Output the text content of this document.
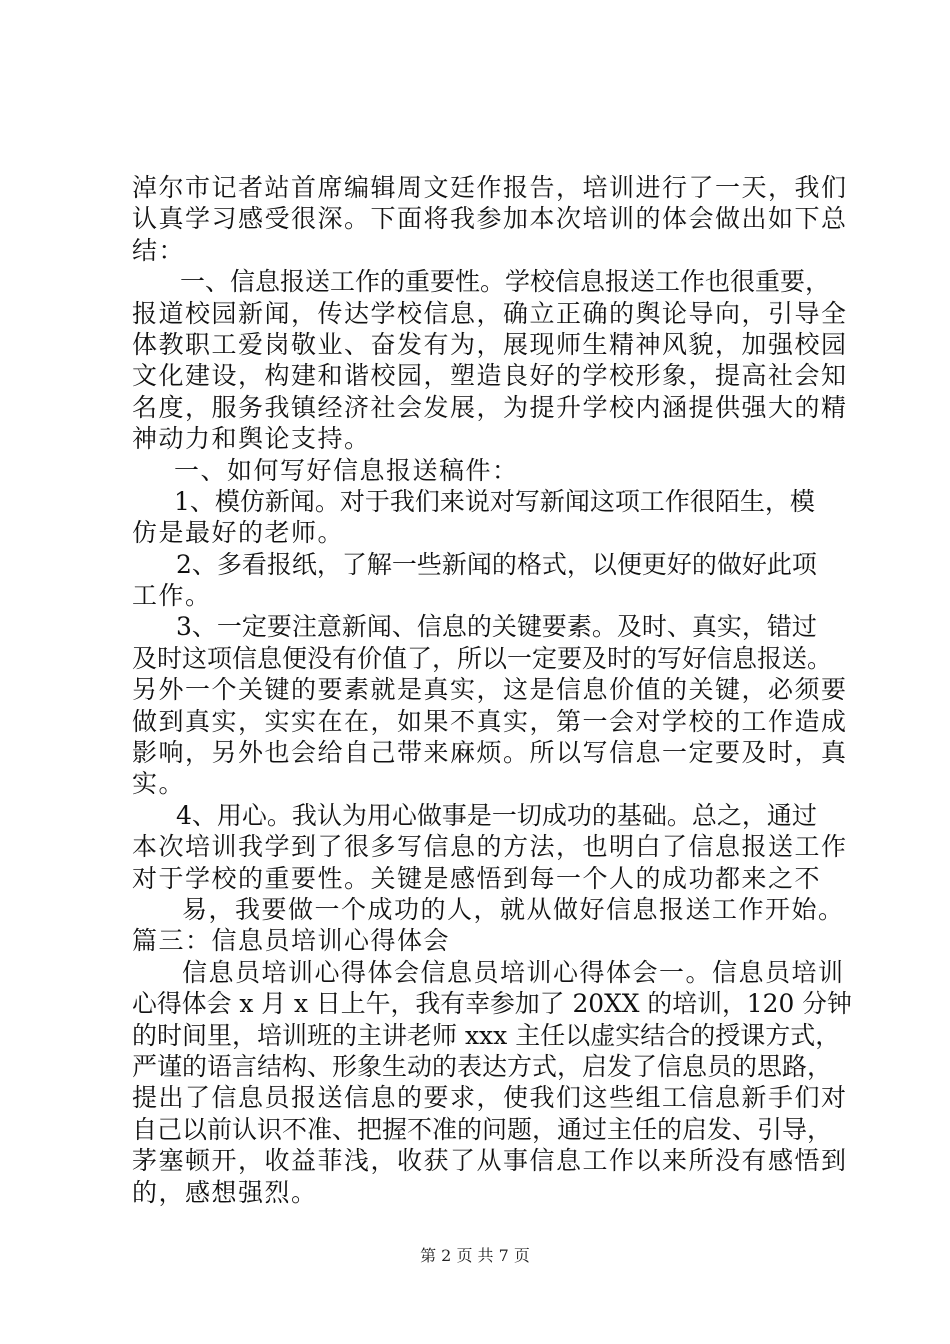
淖尔市记者站首席编辑周文廷作报告，培训进行了一天，我们
认真学习感受很深。下面将我参加本次培训的体会做出如下总
结：
一、信息报送工作的重要性。学校信息报送工作也很重要，
报道校园新闻，传达学校信息，确立正确的舆论导向，引导全
体教职工爱岗敬业、奋发有为，展现师生精神风貌，加强校园
文化建设，构建和谐校园，塑造良好的学校形象，提高社会知
名度，服务我镇经济社会发展，为提升学校内涵提供强大的精
神动力和舆论支持。
一、如何写好信息报送稿件：
1、模仿新闻。对于我们来说对写新闻这项工作很陌生，模
仿是最好的老师。
2、多看报纸，了解一些新闻的格式，以便更好的做好此项
工作。
3、一定要注意新闻、信息的关键要素。及时、真实，错过
及时这项信息便没有价值了，所以一定要及时的写好信息报送。
另外一个关键的要素就是真实，这是信息价值的关键，必须要
做到真实，实实在在，如果不真实，第一会对学校的工作造成
影响，另外也会给自己带来麻烦。所以写信息一定要及时，真
实。
4、用心。我认为用心做事是一切成功的基础。总之，通过
本次培训我学到了很多写信息的方法，也明白了信息报送工作
对于学校的重要性。关键是感悟到每一个人的成功都来之不
易，我要做一个成功的人，就从做好信息报送工作开始。
篇三：信息员培训心得体会
信息员培训心得体会信息员培训心得体会一。信息员培训
心得体会 x 月 x 日上午，我有幸参加了 20XX 的培训，120 分钟
的时间里，培训班的主讲老师 xxx 主任以虚实结合的授课方式，
严谨的语言结构、形象生动的表达方式，启发了信息员的思路，
提出了信息员报送信息的要求，使我们这些组工信息新手们对
自己以前认识不准、把握不准的问题，通过主任的启发、引导，
茅塞顿开，收益菲浅，收获了从事信息工作以来所没有感悟到
的，感想强烈。
第 2 页 共 7 页
